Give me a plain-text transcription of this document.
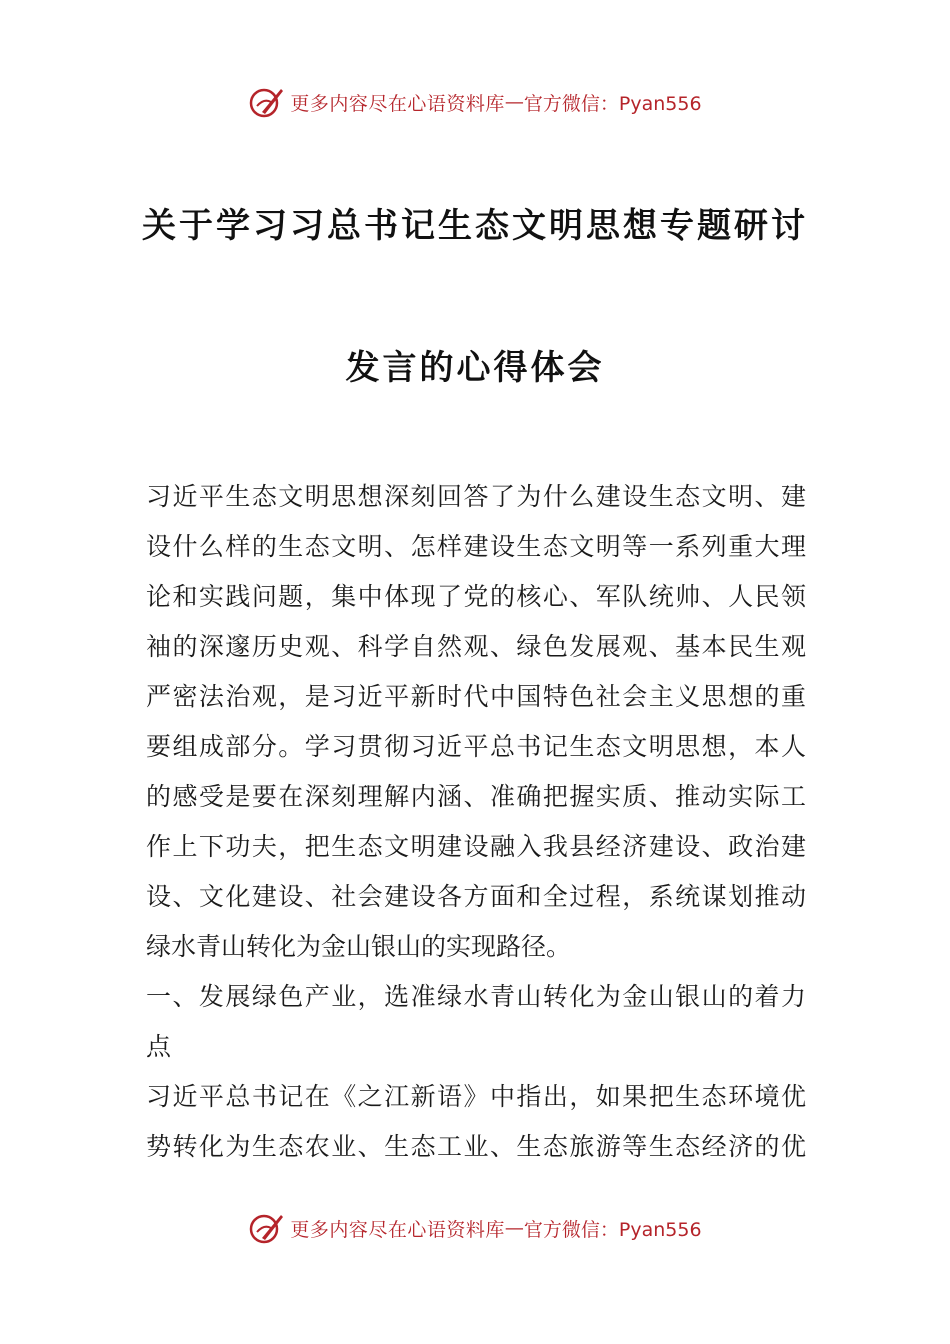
更多内容尽在心语资料库 — 官方微信：Pyan556
关于学习习总书记生态文明思想专题研讨
发言的心得体会
习近平生态文明思想深刻回答了为什么建设生态文明、建
设什么样的生态文明、怎样建设生态文明等一系列重大理
论和实践问题，集中体现了党的核心、军队统帅、人民领
袖的深邃历史观、科学自然观、绿色发展观、基本民生观
严密法治观，是习近平新时代中国特色社会主义思想的重
要组成部分。学习贯彻习近平总书记生态文明思想，本人
的感受是要在深刻理解内涵、准确把握实质、推动实际工
作上下功夫，把生态文明建设融入我县经济建设、政治建
设、文化建设、社会建设各方面和全过程，系统谋划推动
绿水青山转化为金山银山的实现路径。
一、发展绿色产业，选准绿水青山转化为金山银山的着力
点
习近平总书记在《之江新语》中指出，如果把生态环境优
势转化为生态农业、生态工业、生态旅游等生态经济的优
更多内容尽在心语资料库 — 官方微信：Pyan556
